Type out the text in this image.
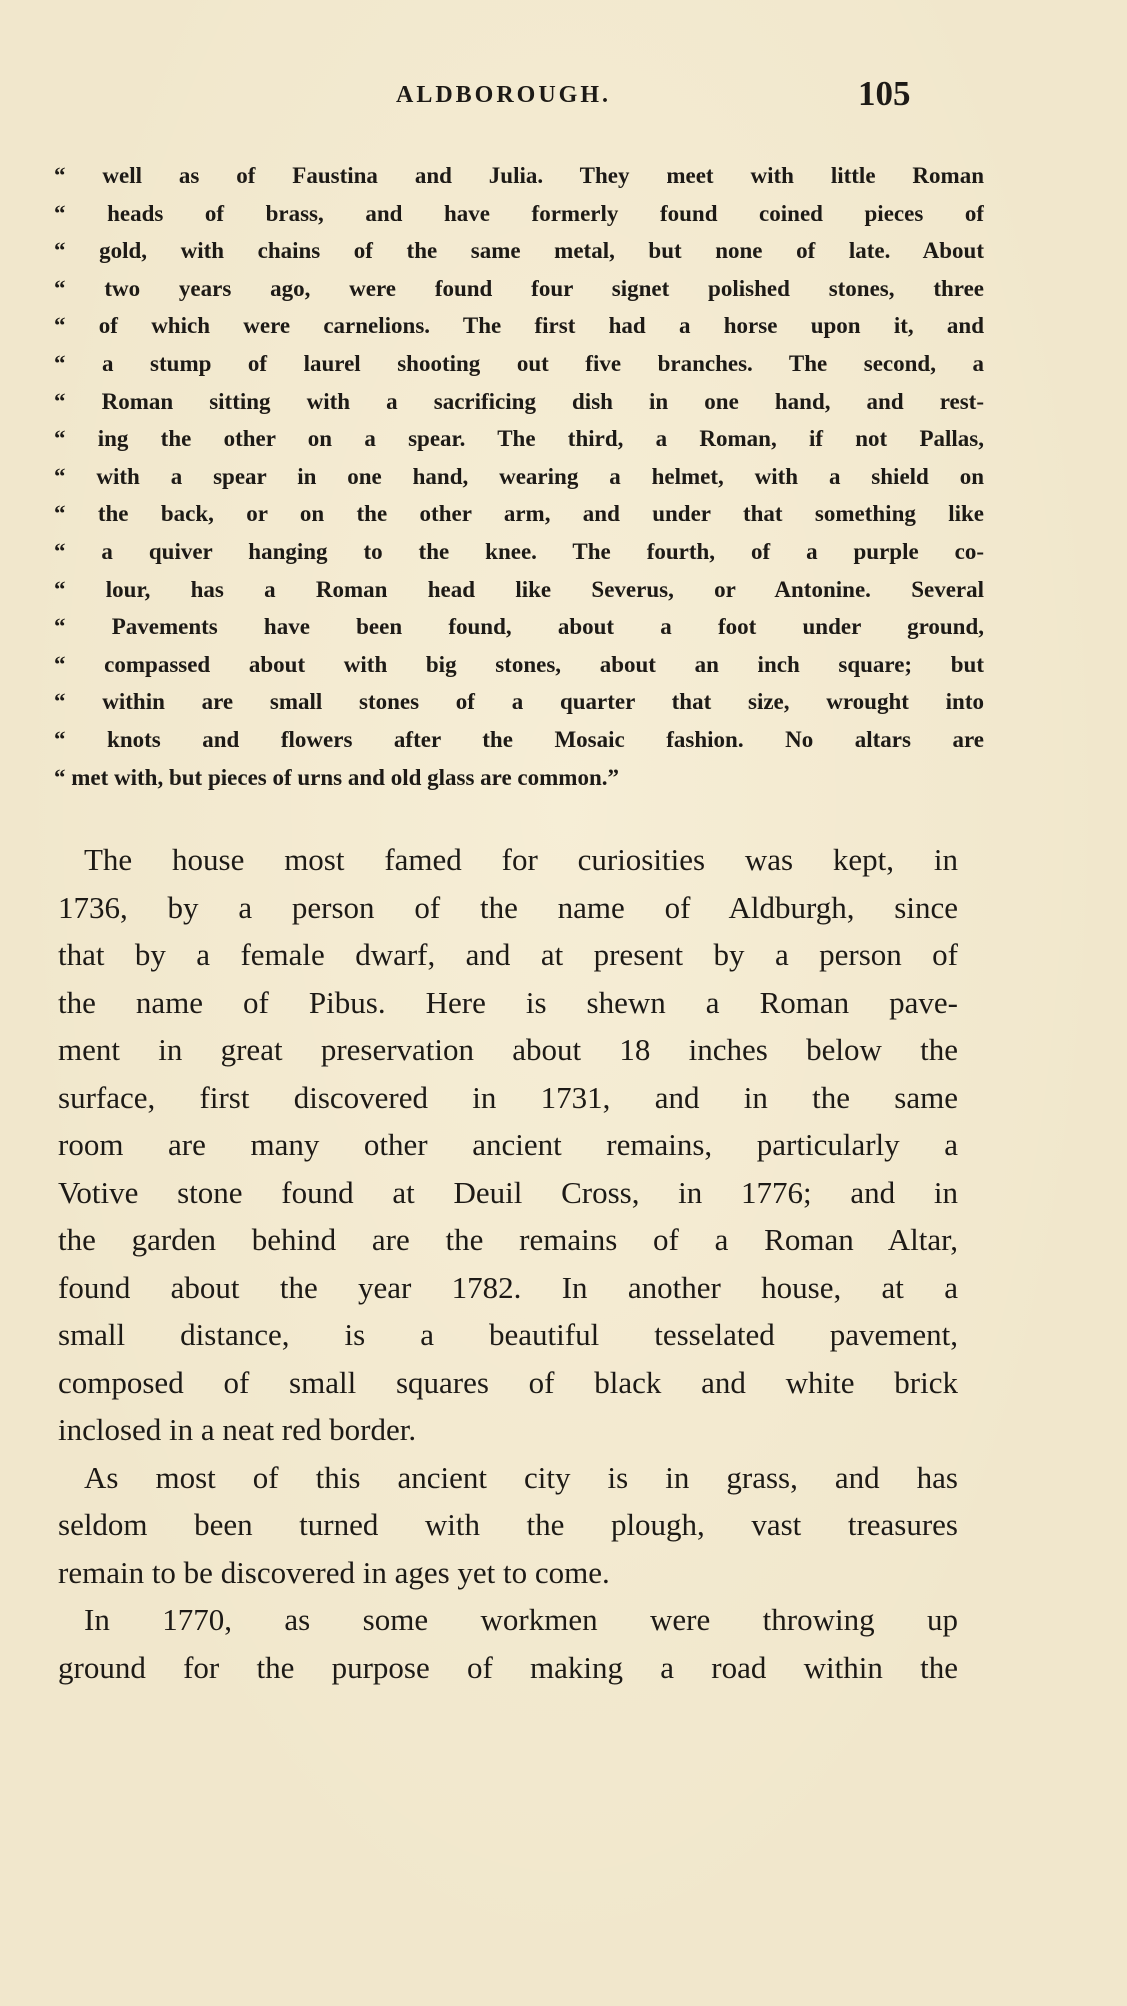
ALDBOROUGH.	105
“ well as of Faustina and Julia. They meet with little Roman
“ heads of brass, and have formerly found coined pieces of
“ gold, with chains of the same metal, but none of late. About
“ two years ago, were found four signet polished stones, three
“ of which were carnelions. The first had a horse upon it, and
“ a stump of laurel shooting out five branches. The second, a
“ Roman sitting with a sacrificing dish in one hand, and rest-
“ ing the other on a spear. The third, a Roman, if not Pallas,
“ with a spear in one hand, wearing a helmet, with a shield on
“ the back, or on the other arm, and under that something like
“ a quiver hanging to the knee. The fourth, of a purple co-
“ lour, has a Roman head like Severus, or Antonine. Several
“ Pavements have been found, about a foot under ground,
“ compassed about with big stones, about an inch square; but
“ within are small stones of a quarter that size, wrought into
“ knots and flowers after the Mosaic fashion. No altars are
“ met with, but pieces of urns and old glass are common.”
The house most famed for curiosities was kept, in
1736, by a person of the name of Aldburgh, since
that by a female dwarf, and at present by a person of
the name of Pibus. Here is shewn a Roman pave-
ment in great preservation about 18 inches below the
surface, first discovered in 1731, and in the same
room are many other ancient remains, particularly a
Votive stone found at Deuil Cross, in 1776; and in
the garden behind are the remains of a Roman Altar,
found about the year 1782. In another house, at a
small distance, is a beautiful tesselated pavement,
composed of small squares of black and white brick
inclosed in a neat red border.
As most of this ancient city is in grass, and has
seldom been turned with the plough, vast treasures
remain to be discovered in ages yet to come.
In 1770, as some workmen were throwing up
ground for the purpose of making a road within the
